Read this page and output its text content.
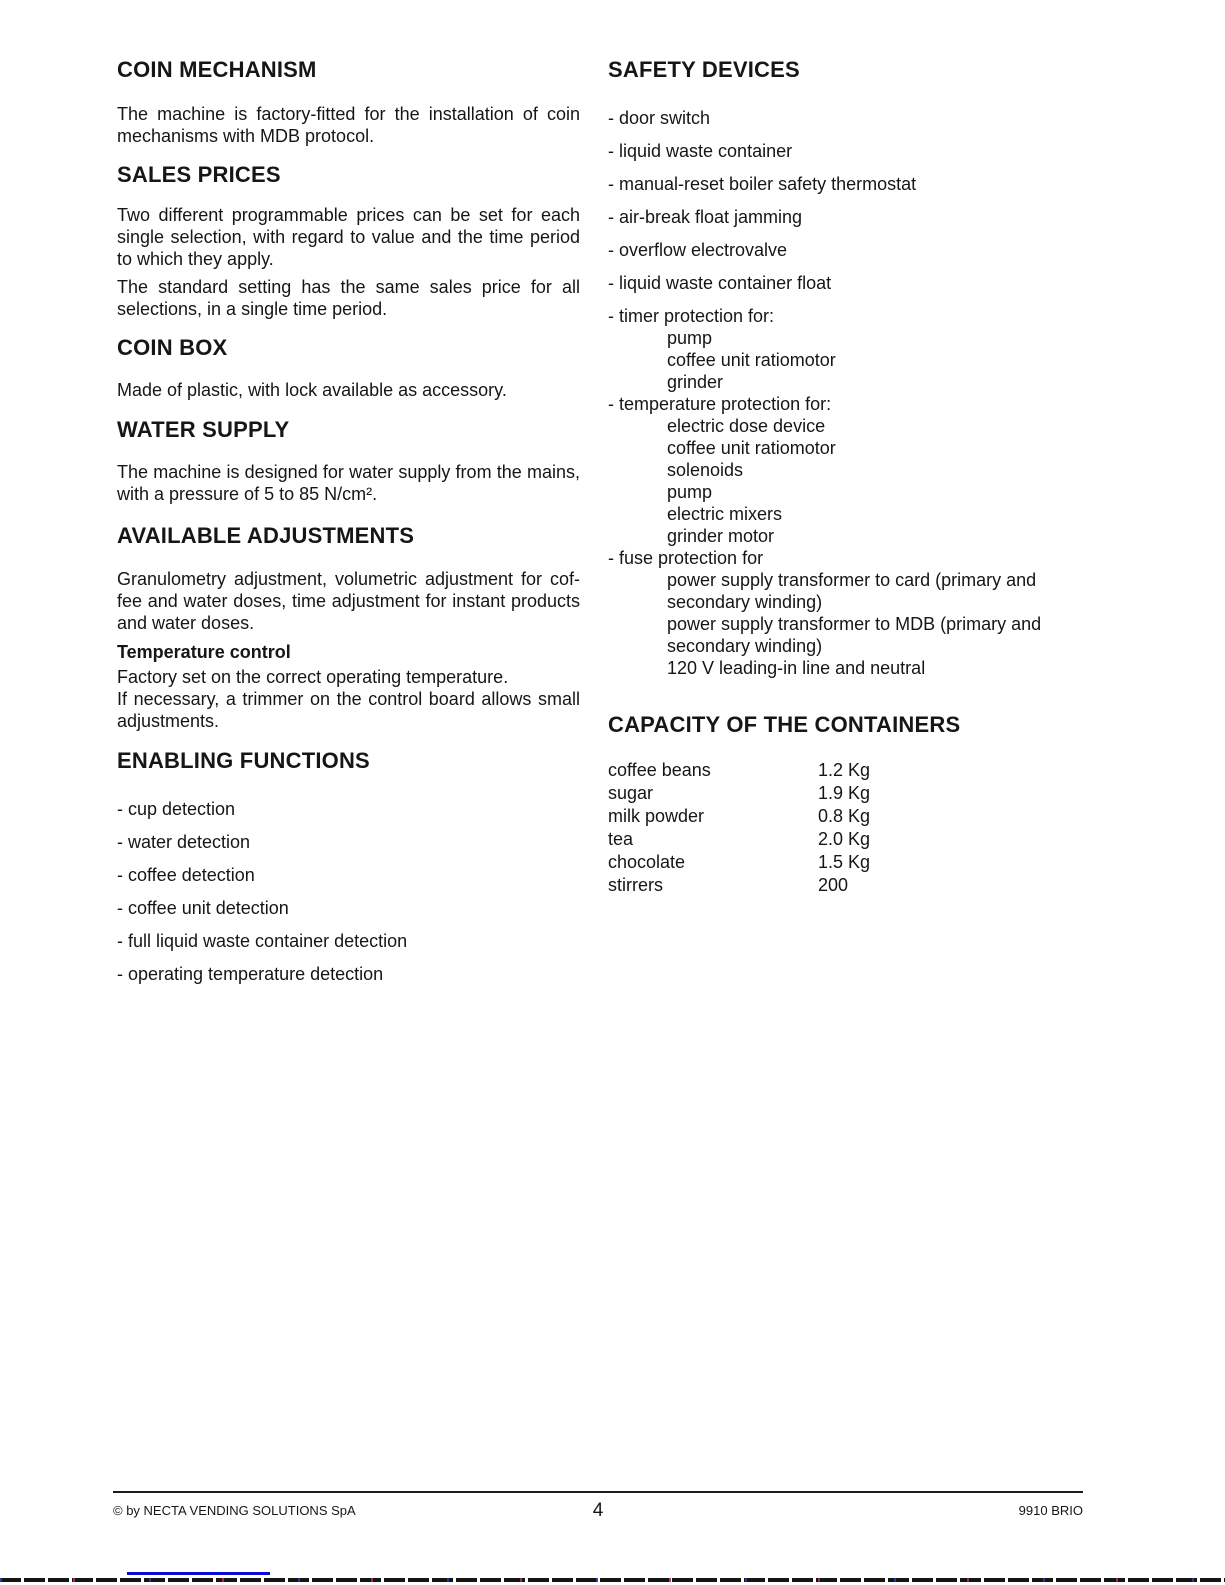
COIN MECHANISM
The machine is factory-fitted for the installation of coin
mechanisms with MDB protocol.
SALES PRICES
Two different programmable prices can be set for each
single selection, with regard to value and the time period
to which they apply.
The standard setting has the same sales price for all
selections, in a single time period.
COIN BOX
Made of plastic, with lock available as accessory.
WATER SUPPLY
The machine is designed for water supply from the mains,
with a pressure of 5 to 85 N/cm².
AVAILABLE ADJUSTMENTS
Granulometry adjustment, volumetric adjustment for cof-
fee and water doses, time adjustment for instant products
and water doses.
Temperature control
Factory set on the correct operating temperature.
If necessary, a trimmer on the control board allows small
adjustments.
ENABLING FUNCTIONS
- cup detection
- water detection
- coffee detection
- coffee unit detection
- full liquid waste container detection
- operating temperature detection
SAFETY DEVICES
- door switch
- liquid waste container
- manual-reset boiler safety thermostat
- air-break float jamming
- overflow electrovalve
- liquid waste container float
- timer protection for:
pump
coffee unit ratiomotor
grinder
- temperature protection for:
electric dose device
coffee unit ratiomotor
solenoids
pump
electric mixers
grinder motor
- fuse protection for
power supply transformer to card (primary and
secondary winding)
power supply transformer to MDB (primary and
secondary winding)
120 V leading-in line and neutral
CAPACITY OF THE CONTAINERS
coffee beans	1.2 Kg
sugar	1.9 Kg
milk powder	0.8 Kg
tea	2.0 Kg
chocolate	1.5 Kg
stirrers	200
© by NECTA VENDING SOLUTIONS SpA	4	9910 BRIO
